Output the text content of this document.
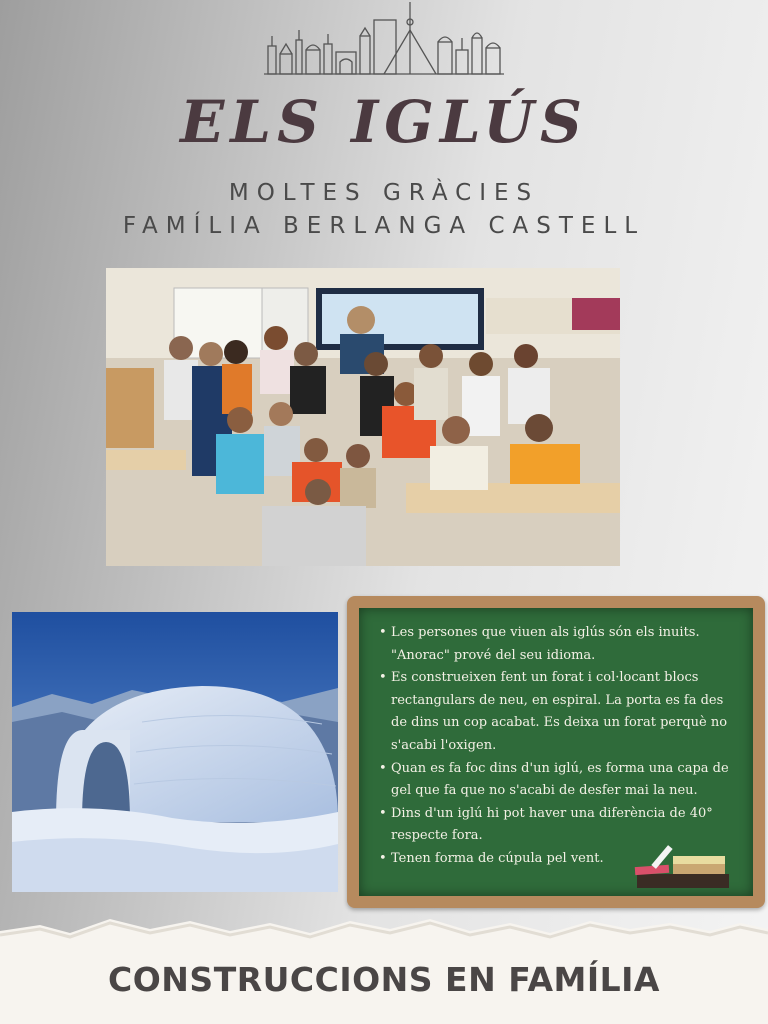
ELS IGLÚS
MOLTES GRÀCIES
FAMÍLIA BERLANGA CASTELL
• Les persones que viuen als iglús són els inuits. "Anorac" prové del seu idioma.
• Es construeixen fent un forat i col·locant blocs rectangulars de neu, en espiral. La porta es fa des de dins un cop acabat. Es deixa un forat perquè no s'acabi l'oxigen.
• Quan es fa foc dins d'un iglú, es forma una capa de gel que fa que no s'acabi de desfer mai la neu.
• Dins d'un iglú hi pot haver una diferència de 40° respecte fora.
• Tenen forma de cúpula pel vent.
CONSTRUCCIONS EN FAMÍLIA
